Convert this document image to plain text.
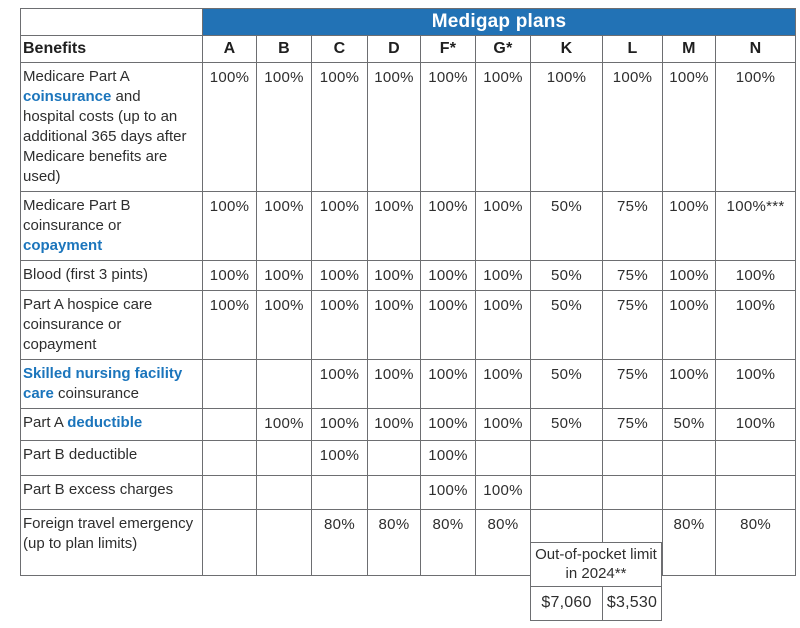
	Medigap plans									
Benefits	A	B	C	D	F*	G*	K	L	M	N
Medicare Part A coinsurance and hospital costs (up to an additional 365 days after Medicare benefits are used)	100%	100%	100%	100%	100%	100%	100%	100%	100%	100%
Medicare Part B coinsurance or copayment	100%	100%	100%	100%	100%	100%	50%	75%	100%	100%***
Blood (first 3 pints)	100%	100%	100%	100%	100%	100%	50%	75%	100%	100%
Part A hospice care coinsurance or copayment	100%	100%	100%	100%	100%	100%	50%	75%	100%	100%
Skilled nursing facility care coinsurance			100%	100%	100%	100%	50%	75%	100%	100%
Part A deductible		100%	100%	100%	100%	100%	50%	75%	50%	100%
Part B deductible			100%		100%					
Part B excess charges					100%	100%				
Foreign travel emergency (up to plan limits)			80%	80%	80%	80%			80%	80%
Out-of-pocket limit in 2024**
$7,060 $3,530
